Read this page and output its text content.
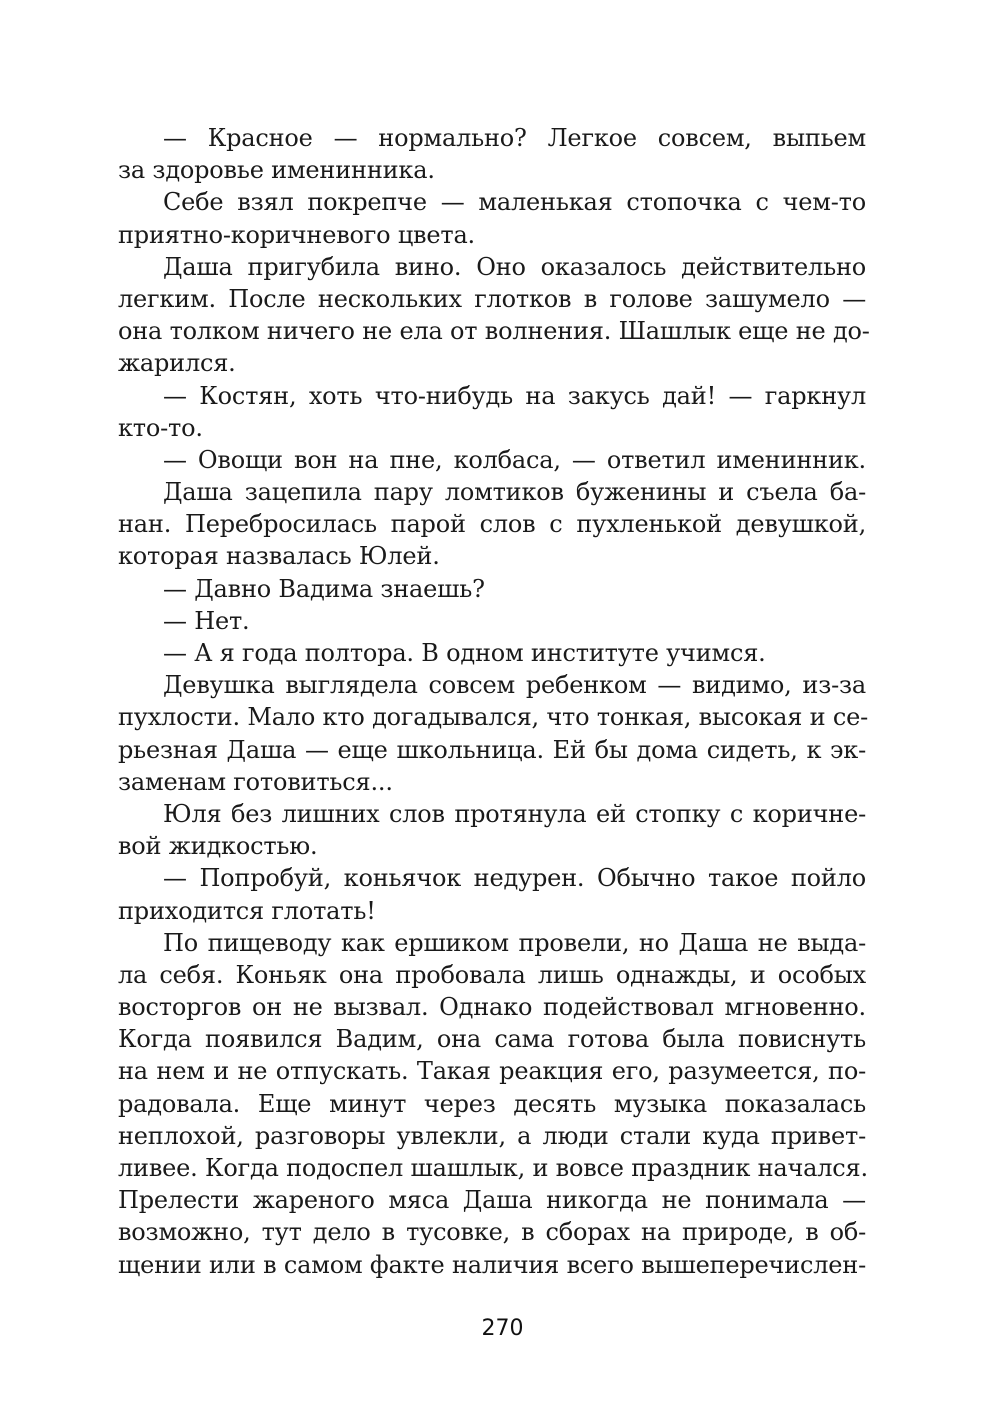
— Красное — нормально? Легкое совсем, выпьем
за здоровье именинника.
Себе взял покрепче — маленькая стопочка с чем-то
приятно-коричневого цвета.
Даша пригубила вино. Оно оказалось действительно
легким. После нескольких глотков в голове зашумело —
она толком ничего не ела от волнения. Шашлык еще не до-
жарился.
— Костян, хоть что-нибудь на закусь дай! — гаркнул
кто-то.
— Овощи вон на пне, колбаса, — ответил именинник.
Даша зацепила пару ломтиков буженины и съела ба-
нан. Перебросилась парой слов с пухленькой девушкой,
которая назвалась Юлей.
— Давно Вадима знаешь?
— Нет.
— А я года полтора. В одном институте учимся.
Девушка выглядела совсем ребенком — видимо, из-за
пухлости. Мало кто догадывался, что тонкая, высокая и се-
рьезная Даша — еще школьница. Ей бы дома сидеть, к эк-
заменам готовиться...
Юля без лишних слов протянула ей стопку с коричне-
вой жидкостью.
— Попробуй, коньячок недурен. Обычно такое пойло
приходится глотать!
По пищеводу как ершиком провели, но Даша не выда-
ла себя. Коньяк она пробовала лишь однажды, и особых
восторгов он не вызвал. Однако подействовал мгновенно.
Когда появился Вадим, она сама готова была повиснуть
на нем и не отпускать. Такая реакция его, разумеется, по-
радовала. Еще минут через десять музыка показалась
неплохой, разговоры увлекли, а люди стали куда привет-
ливее. Когда подоспел шашлык, и вовсе праздник начался.
Прелести жареного мяса Даша никогда не понимала —
возможно, тут дело в тусовке, в сборах на природе, в об-
щении или в самом факте наличия всего вышеперечислен-
270
